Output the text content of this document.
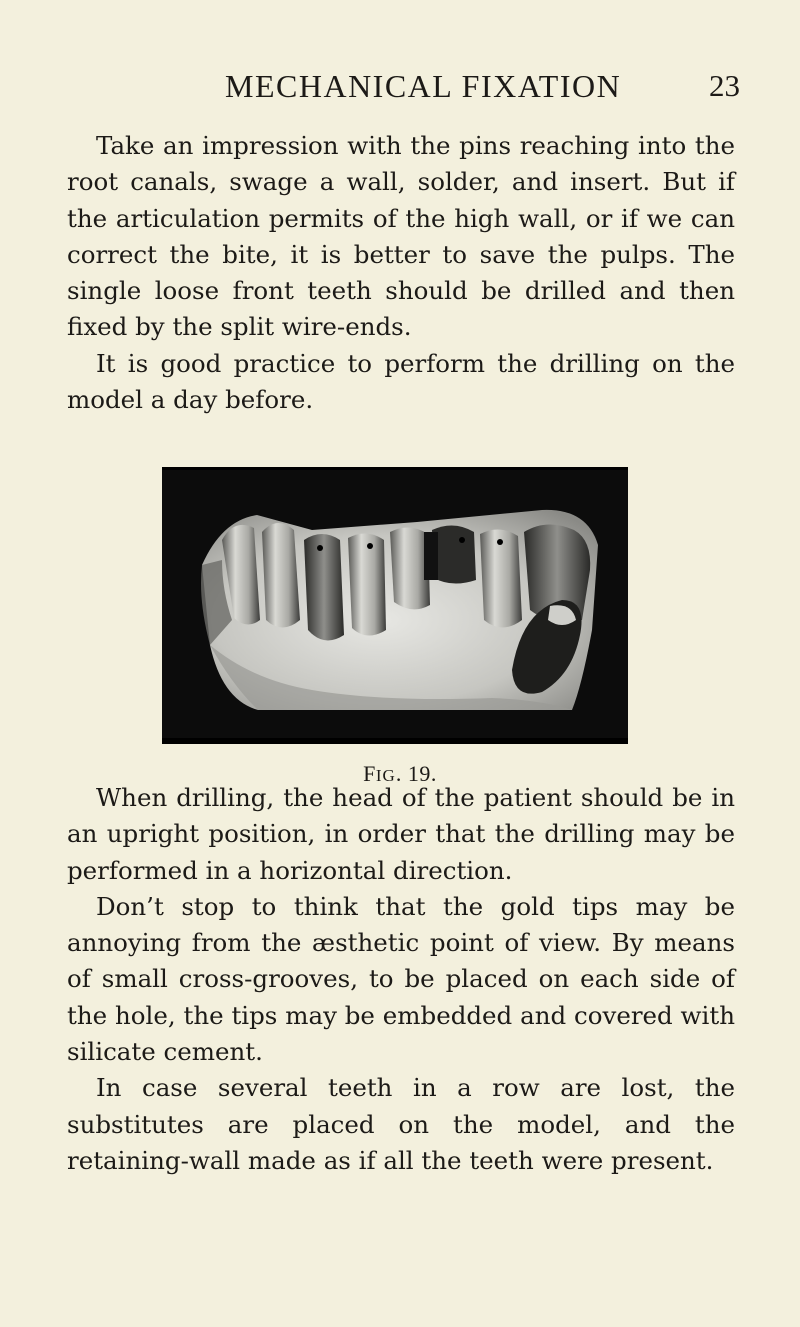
MECHANICAL FIXATION	23

Take an impression with the pins reaching into the root canals, swage a wall, solder, and insert. But if the articulation permits of the high wall, or if we can correct the bite, it is better to save the pulps. The single loose front teeth should be drilled and then fixed by the split wire-ends.

It is good practice to perform the drilling on the model a day before.

FIG. 19.

When drilling, the head of the patient should be in an upright position, in order that the drilling may be performed in a horizontal direction.

Don’t stop to think that the gold tips may be annoying from the æsthetic point of view. By means of small cross-grooves, to be placed on each side of the hole, the tips may be embedded and covered with silicate cement.

In case several teeth in a row are lost, the substitutes are placed on the model, and the retaining-wall made as if all the teeth were present.
